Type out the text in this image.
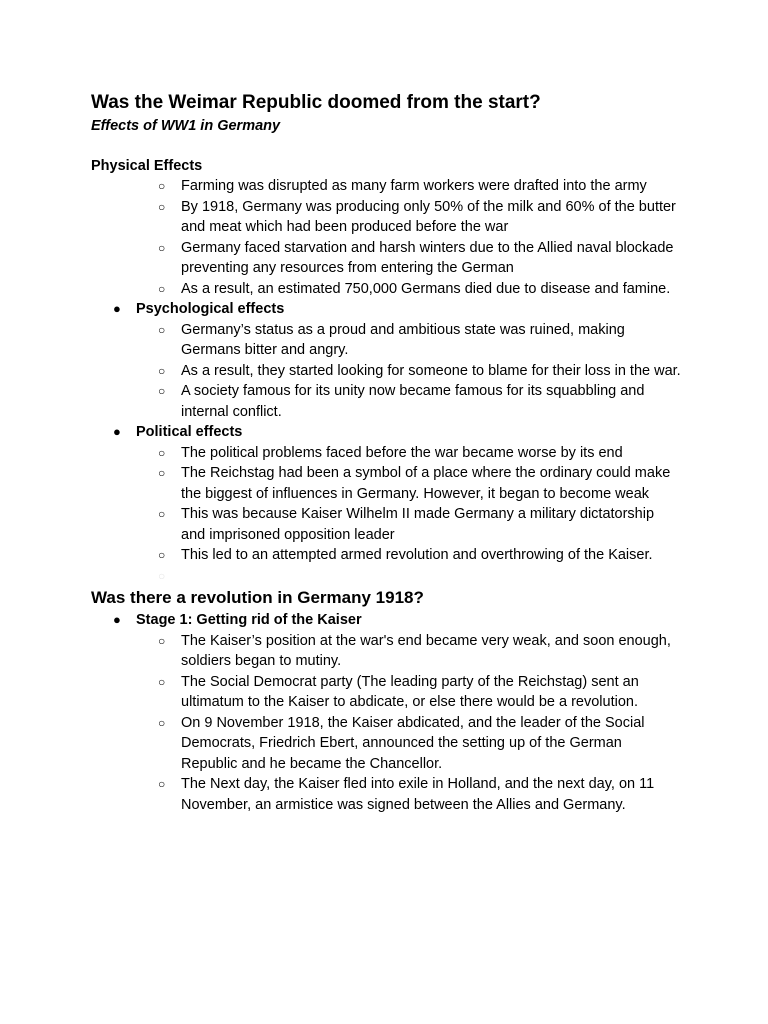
Was the Weimar Republic doomed from the start?

Effects of WW1 in Germany

Physical Effects

○ Farming was disrupted as many farm workers were drafted into the army
○ By 1918, Germany was producing only 50% of the milk and 60% of the butter and meat which had been produced before the war
○ Germany faced starvation and harsh winters due to the Allied naval blockade preventing any resources from entering the German
○ As a result, an estimated 750,000 Germans died due to disease and famine.
● Psychological effects
○ Germany’s status as a proud and ambitious state was ruined, making Germans bitter and angry.
○ As a result, they started looking for someone to blame for their loss in the war.
○ A society famous for its unity now became famous for its squabbling and internal conflict.
● Political effects
○ The political problems faced before the war became worse by its end
○ The Reichstag had been a symbol of a place where the ordinary could make the biggest of influences in Germany. However, it began to become weak
○ This was because Kaiser Wilhelm II made Germany a military dictatorship and imprisoned opposition leader
○ This led to an attempted armed revolution and overthrowing of the Kaiser.
○

Was there a revolution in Germany 1918?
● Stage 1: Getting rid of the Kaiser
○ The Kaiser’s position at the war's end became very weak, and soon enough, soldiers began to mutiny.
○ The Social Democrat party (The leading party of the Reichstag) sent an ultimatum to the Kaiser to abdicate, or else there would be a revolution.
○ On 9 November 1918, the Kaiser abdicated, and the leader of the Social Democrats, Friedrich Ebert, announced the setting up of the German Republic and he became the Chancellor.
○ The Next day, the Kaiser fled into exile in Holland, and the next day, on 11 November, an armistice was signed between the Allies and Germany.
